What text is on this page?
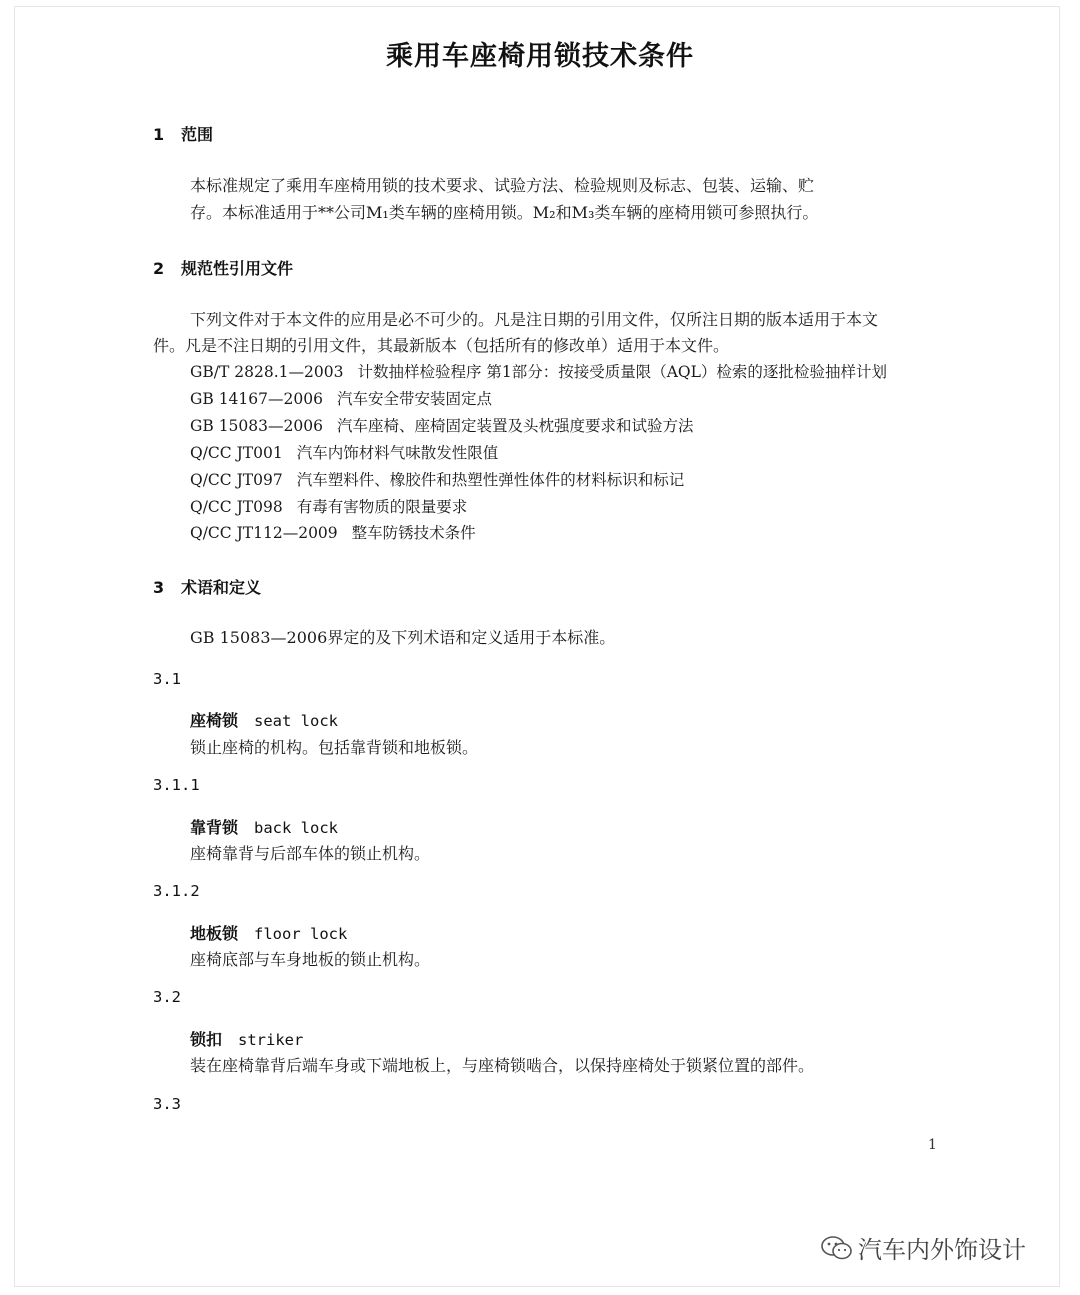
乘用车座椅用锁技术条件
1 范围
本标准规定了乘用车座椅用锁的技术要求、试验方法、检验规则及标志、包装、运输、贮
存。本标准适用于**公司M₁类车辆的座椅用锁。M₂和M₃类车辆的座椅用锁可参照执行。
2 规范性引用文件
下列文件对于本文件的应用是必不可少的。凡是注日期的引用文件，仅所注日期的版本适用于本文
件。凡是不注日期的引用文件，其最新版本（包括所有的修改单）适用于本文件。
GB/T 2828.1—2003 计数抽样检验程序 第1部分：按接受质量限（AQL）检索的逐批检验抽样计划
GB 14167—2006 汽车安全带安装固定点
GB 15083—2006 汽车座椅、座椅固定装置及头枕强度要求和试验方法
Q/CC JT001 汽车内饰材料气味散发性限值
Q/CC JT097 汽车塑料件、橡胶件和热塑性弹性体件的材料标识和标记
Q/CC JT098 有毒有害物质的限量要求
Q/CC JT112—2009 整车防锈技术条件
3 术语和定义
GB 15083—2006界定的及下列术语和定义适用于本标准。
3.1
座椅锁 seat lock
锁止座椅的机构。包括靠背锁和地板锁。
3.1.1
靠背锁 back lock
座椅靠背与后部车体的锁止机构。
3.1.2
地板锁 floor lock
座椅底部与车身地板的锁止机构。
3.2
锁扣 striker
装在座椅靠背后端车身或下端地板上，与座椅锁啮合，以保持座椅处于锁紧位置的部件。
3.3
1
汽车内外饰设计
